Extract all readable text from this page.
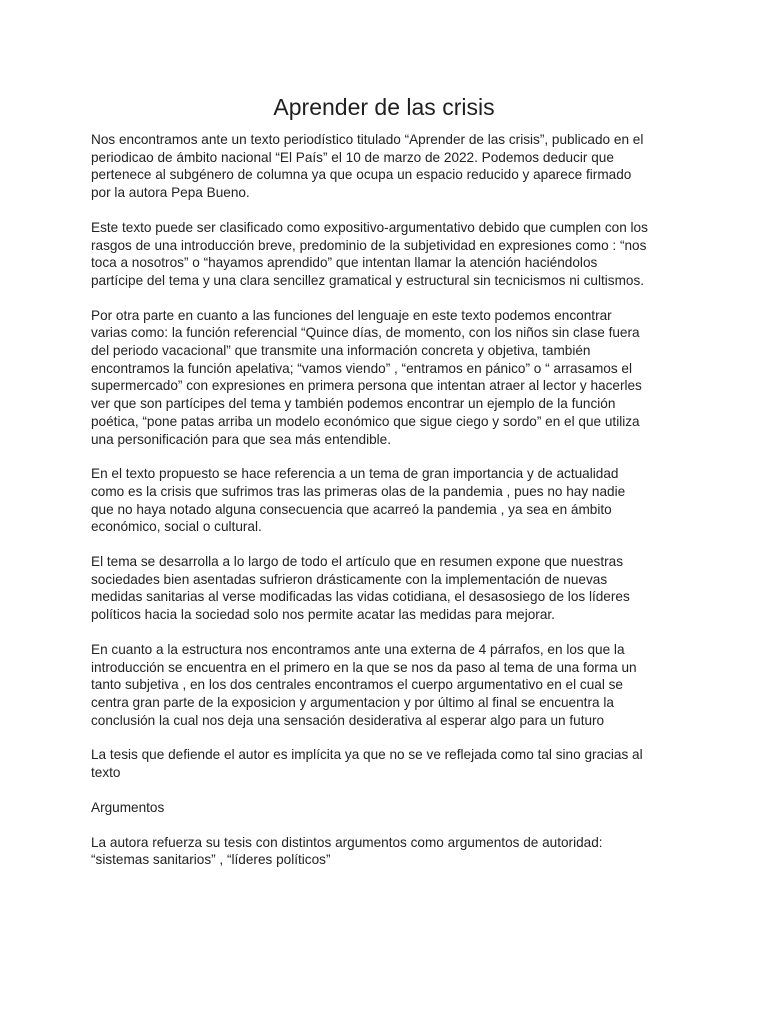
Aprender de las crisis

Nos encontramos ante un texto periodístico titulado “Aprender de las crisis”, publicado en el
periodicao de ámbito nacional “El País” el 10 de marzo de 2022. Podemos deducir que
pertenece al subgénero de columna ya que ocupa un espacio reducido y aparece firmado
por la autora Pepa Bueno.

Este texto puede ser clasificado como expositivo-argumentativo debido que cumplen con los
rasgos de una introducción breve, predominio de la subjetividad en expresiones como : “nos
toca a nosotros” o “hayamos aprendido” que intentan llamar la atención haciéndolos
partícipe del tema y una clara sencillez gramatical y estructural sin tecnicismos ni cultismos.

Por otra parte en cuanto a las funciones del lenguaje en este texto podemos encontrar
varias como: la función referencial “Quince días, de momento, con los niños sin clase fuera
del periodo vacacional” que transmite una información concreta y objetiva, también
encontramos la función apelativa; “vamos viendo” , “entramos en pánico” o “ arrasamos el
supermercado” con expresiones en primera persona que intentan atraer al lector y hacerles
ver que son partícipes del tema y también podemos encontrar un ejemplo de la función
poética, “pone patas arriba un modelo económico que sigue ciego y sordo” en el que utiliza
una personificación para que sea más entendible.

En el texto propuesto se hace referencia a un tema de gran importancia y de actualidad
como es la crisis que sufrimos tras las primeras olas de la pandemia , pues no hay nadie
que no haya notado alguna consecuencia que acarreó la pandemia , ya sea en ámbito
económico, social o cultural.

El tema se desarrolla a lo largo de todo el artículo que en resumen expone que nuestras
sociedades bien asentadas sufrieron drásticamente con la implementación de nuevas
medidas sanitarias al verse modificadas las vidas cotidiana, el desasosiego de los líderes
políticos hacia la sociedad solo nos permite acatar las medidas para mejorar.

En cuanto a la estructura nos encontramos ante una externa de 4 párrafos, en los que la
introducción se encuentra en el primero en la que se nos da paso al tema de una forma un
tanto subjetiva , en los dos centrales encontramos el cuerpo argumentativo en el cual se
centra gran parte de la exposicion y argumentacion y por último al final se encuentra la
conclusión la cual nos deja una sensación desiderativa al esperar algo para un futuro

La tesis que defiende el autor es implícita ya que no se ve reflejada como tal sino gracias al
texto

Argumentos

La autora refuerza su tesis con distintos argumentos como argumentos de autoridad:
“sistemas sanitarios” , “líderes políticos”
